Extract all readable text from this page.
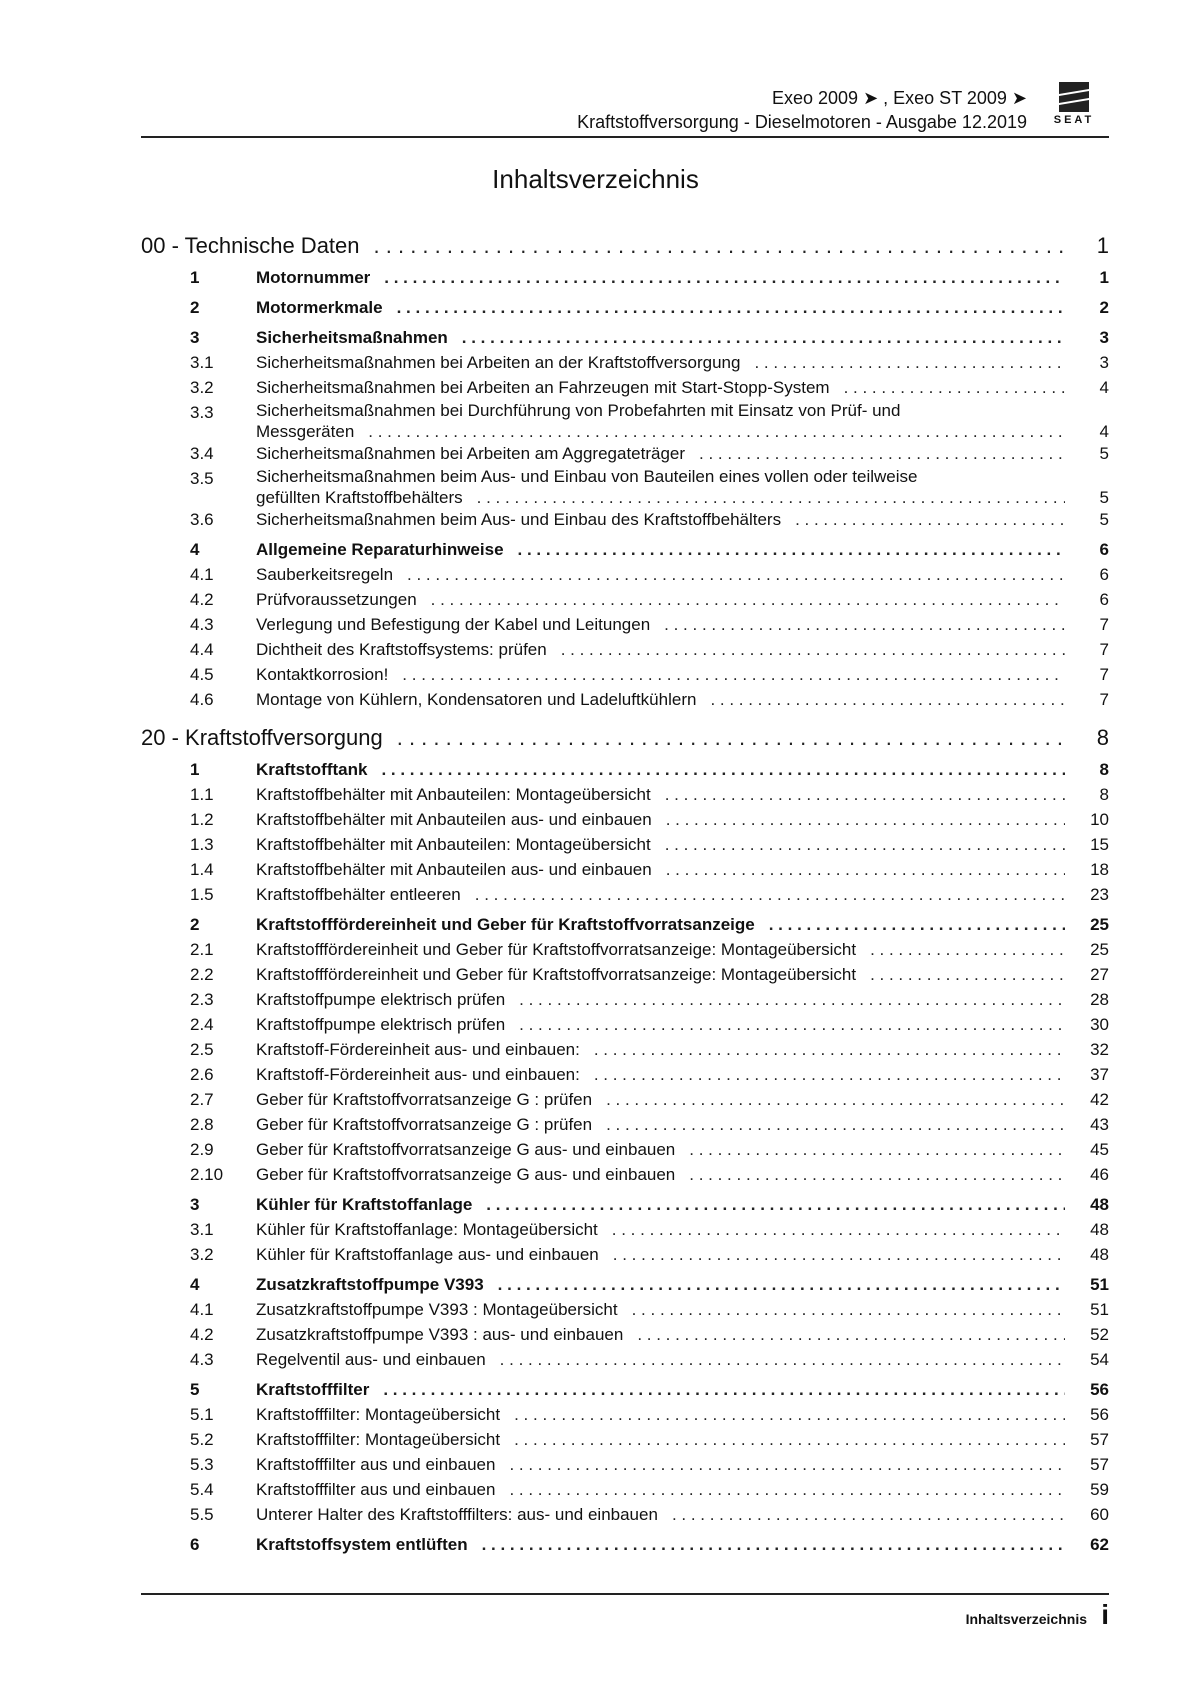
Exeo 2009 ➤ , Exeo ST 2009 ➤
Kraftstoffversorgung - Dieselmotoren - Ausgabe 12.2019	SEAT
Inhaltsverzeichnis
00 - Technische Daten . . .	1
1	Motornummer . . .	1
2	Motormerkmale . . .	2
3	Sicherheitsmaßnahmen . . .	3
3.1 Sicherheitsmaßnahmen bei Arbeiten an der Kraftstoffversorgung . . .	3
3.2 Sicherheitsmaßnahmen bei Arbeiten an Fahrzeugen mit Start-Stopp-System . . .	4
3.3 Sicherheitsmaßnahmen bei Durchführung von Probefahrten mit Einsatz von Prüf- und
Messgeräten . . .	4
3.4 Sicherheitsmaßnahmen bei Arbeiten am Aggregateträger . . .	5
3.5 Sicherheitsmaßnahmen beim Aus- und Einbau von Bauteilen eines vollen oder teilweise
gefüllten Kraftstoffbehälters . . .	5
3.6 Sicherheitsmaßnahmen beim Aus- und Einbau des Kraftstoffbehälters . . .	5
4	Allgemeine Reparaturhinweise . . .	6
4.1 Sauberkeitsregeln . . .	6
4.2 Prüfvoraussetzungen . . .	6
4.3 Verlegung und Befestigung der Kabel und Leitungen . . .	7
4.4 Dichtheit des Kraftstoffsystems: prüfen . . .	7
4.5 Kontaktkorrosion! . . .	7
4.6 Montage von Kühlern, Kondensatoren und Ladeluftkühlern . . .	7
20 - Kraftstoffversorgung . . .	8
1	Kraftstofftank . . .	8
1.1 Kraftstoffbehälter mit Anbauteilen: Montageübersicht . . .	8
1.2 Kraftstoffbehälter mit Anbauteilen aus- und einbauen . . .	10
1.3 Kraftstoffbehälter mit Anbauteilen: Montageübersicht . . .	15
1.4 Kraftstoffbehälter mit Anbauteilen aus- und einbauen . . .	18
1.5 Kraftstoffbehälter entleeren . . .	23
2	Kraftstofffördereinheit und Geber für Kraftstoffvorratsanzeige . . .	25
2.1 Kraftstofffördereinheit und Geber für Kraftstoffvorratsanzeige: Montageübersicht . . .	25
2.2 Kraftstofffördereinheit und Geber für Kraftstoffvorratsanzeige: Montageübersicht . . .	27
2.3 Kraftstoffpumpe elektrisch prüfen . . .	28
2.4 Kraftstoffpumpe elektrisch prüfen . . .	30
2.5 Kraftstoff-Fördereinheit aus- und einbauen: . . .	32
2.6 Kraftstoff-Fördereinheit aus- und einbauen: . . .	37
2.7 Geber für Kraftstoffvorratsanzeige G : prüfen . . .	42
2.8 Geber für Kraftstoffvorratsanzeige G : prüfen . . .	43
2.9 Geber für Kraftstoffvorratsanzeige G aus- und einbauen . . .	45
2.10 Geber für Kraftstoffvorratsanzeige G aus- und einbauen . . .	46
3	Kühler für Kraftstoffanlage . . .	48
3.1 Kühler für Kraftstoffanlage: Montageübersicht . . .	48
3.2 Kühler für Kraftstoffanlage aus- und einbauen . . .	48
4	Zusatzkraftstoffpumpe V393 . . .	51
4.1 Zusatzkraftstoffpumpe V393 : Montageübersicht . . .	51
4.2 Zusatzkraftstoffpumpe V393 : aus- und einbauen . . .	52
4.3 Regelventil aus- und einbauen . . .	54
5	Kraftstofffilter . . .	56
5.1 Kraftstofffilter: Montageübersicht . . .	56
5.2 Kraftstofffilter: Montageübersicht . . .	57
5.3 Kraftstofffilter aus und einbauen . . .	57
5.4 Kraftstofffilter aus und einbauen . . .	59
5.5 Unterer Halter des Kraftstofffilters: aus- und einbauen . . .	60
6	Kraftstoffsystem entlüften . . .	62
Inhaltsverzeichnis i
